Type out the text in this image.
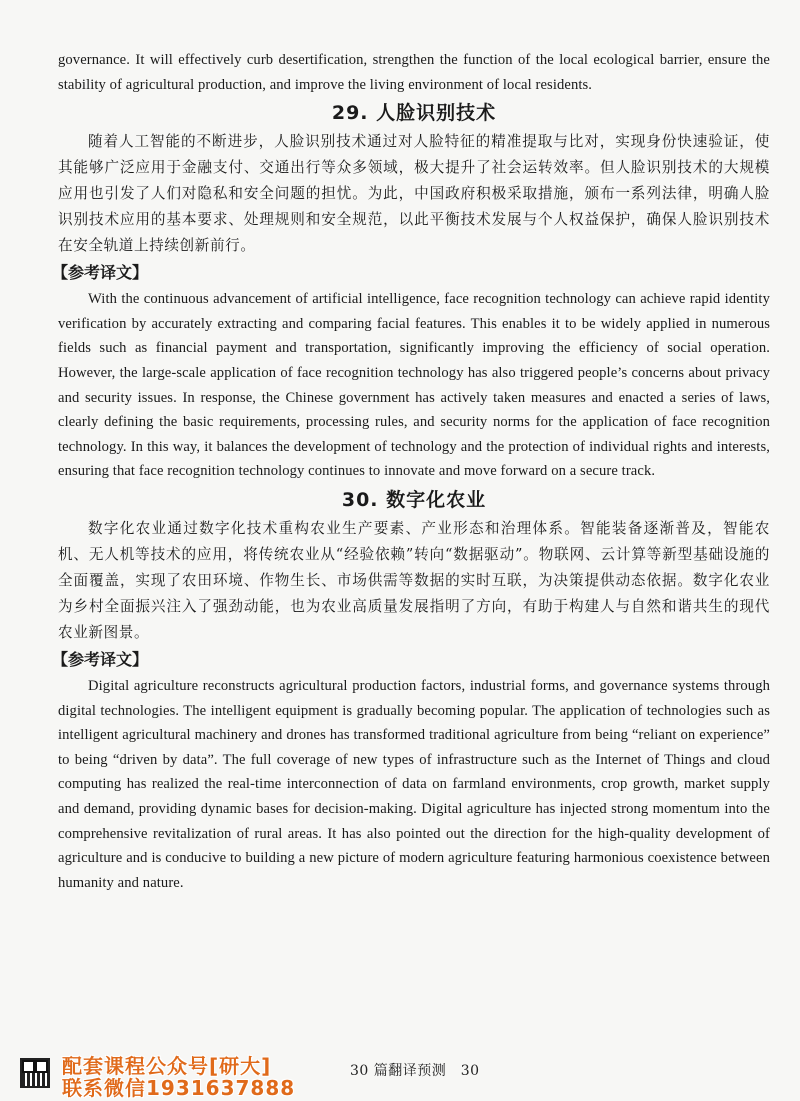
governance. It will effectively curb desertification, strengthen the function of the local ecological barrier, ensure the stability of agricultural production, and improve the living environment of local residents.

29. 人脸识别技术

随着人工智能的不断进步，人脸识别技术通过对人脸特征的精准提取与比对，实现身份快速验证，使其能够广泛应用于金融支付、交通出行等众多领域，极大提升了社会运转效率。但人脸识别技术的大规模应用也引发了人们对隐私和安全问题的担忧。为此，中国政府积极采取措施，颁布一系列法律，明确人脸识别技术应用的基本要求、处理规则和安全规范，以此平衡技术发展与个人权益保护，确保人脸识别技术在安全轨道上持续创新前行。

【参考译文】

With the continuous advancement of artificial intelligence, face recognition technology can achieve rapid identity verification by accurately extracting and comparing facial features. This enables it to be widely applied in numerous fields such as financial payment and transportation, significantly improving the efficiency of social operation. However, the large-scale application of face recognition technology has also triggered people’s concerns about privacy and security issues. In response, the Chinese government has actively taken measures and enacted a series of laws, clearly defining the basic requirements, processing rules, and security norms for the application of face recognition technology. In this way, it balances the development of technology and the protection of individual rights and interests, ensuring that face recognition technology continues to innovate and move forward on a secure track.

30. 数字化农业

数字化农业通过数字化技术重构农业生产要素、产业形态和治理体系。智能装备逐渐普及，智能农机、无人机等技术的应用，将传统农业从“经验依赖”转向“数据驱动”。物联网、云计算等新型基础设施的全面覆盖，实现了农田环境、作物生长、市场供需等数据的实时互联，为决策提供动态依据。数字化农业为乡村全面振兴注入了强劲动能，也为农业高质量发展指明了方向，有助于构建人与自然和谐共生的现代农业新图景。

【参考译文】

Digital agriculture reconstructs agricultural production factors, industrial forms, and governance systems through digital technologies. The intelligent equipment is gradually becoming popular. The application of technologies such as intelligent agricultural machinery and drones has transformed traditional agriculture from being “reliant on experience” to being “driven by data”. The full coverage of new types of infrastructure such as the Internet of Things and cloud computing has realized the real-time interconnection of data on farmland environments, crop growth, market supply and demand, providing dynamic bases for decision-making. Digital agriculture has injected strong momentum into the comprehensive revitalization of rural areas. It has also pointed out the direction for the high-quality development of agriculture and is conducive to building a new picture of modern agriculture featuring harmonious coexistence between humanity and nature.

配套课程公众号[研大]
联系微信1931637888
30 篇翻译预测　30
